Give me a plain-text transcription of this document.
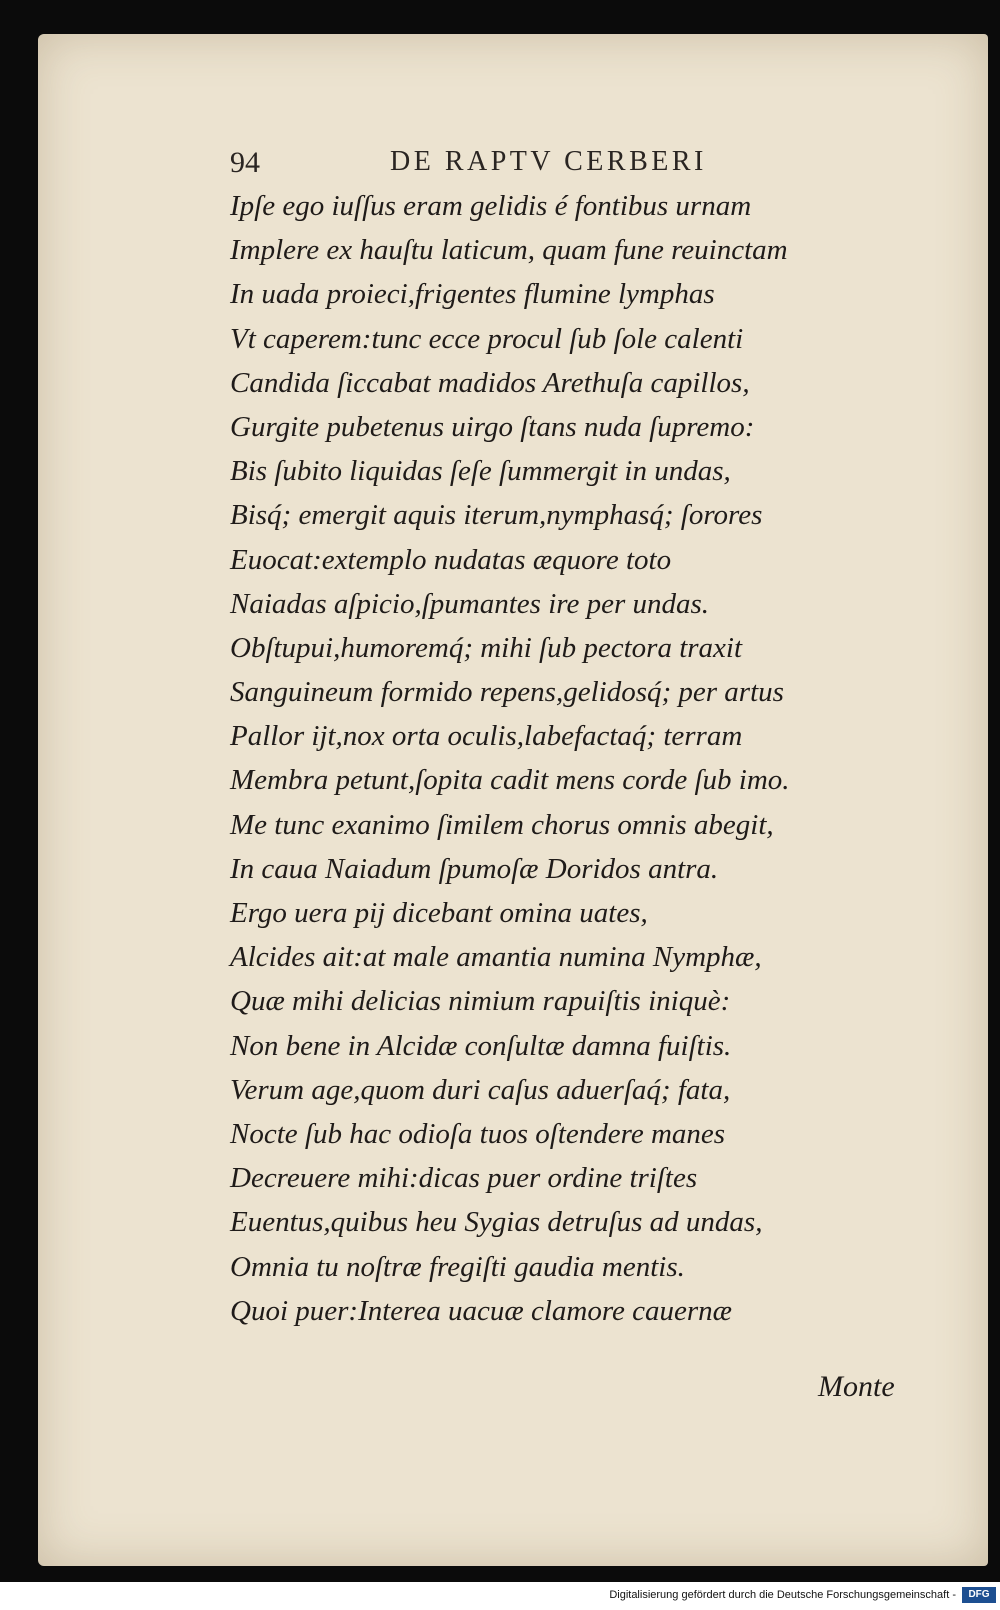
94	DE RAPTV CERBERI
Ipſe ego iuſſus eram gelidis é fontibus urnam
Implere ex hauſtu laticum, quam fune reuinctam
In uada proieci,frigentes flumine lymphas
Vt caperem:tunc ecce procul ſub ſole calenti
Candida ſiccabat madidos Arethuſa capillos,
Gurgite pubetenus uirgo ſtans nuda ſupremo:
Bis ſubito liquidas ſeſe ſummergit in undas,
Bisq́; emergit aquis iterum,nymphasq́; ſorores
Euocat:extemplo nudatas æquore toto
Naiadas aſpicio,ſpumantes ire per undas.
Obſtupui,humoremq́; mihi ſub pectora traxit
Sanguineum formido repens,gelidosq́; per artus
Pallor ijt,nox orta oculis,labefactaq́; terram
Membra petunt,ſopita cadit mens corde ſub imo.
Me tunc exanimo ſimilem chorus omnis abegit,
In caua Naiadum ſpumoſæ Doridos antra.
Ergo uera pij dicebant omina uates,
Alcides ait:at male amantia numina Nymphæ,
Quæ mihi delicias nimium rapuiſtis iniquè:
Non bene in Alcidæ conſultæ damna fuiſtis.
Verum age,quom duri caſus aduerſaq́; fata,
Nocte ſub hac odioſa tuos oſtendere manes
Decreuere mihi:dicas puer ordine triſtes
Euentus,quibus heu Sygias detruſus ad undas,
Omnia tu noſtræ fregiſti gaudia mentis.
Quoi puer:Interea uacuæ clamore cauernæ
Monte
Digitalisierung gefördert durch die Deutsche Forschungsgemeinschaft -	DFG
